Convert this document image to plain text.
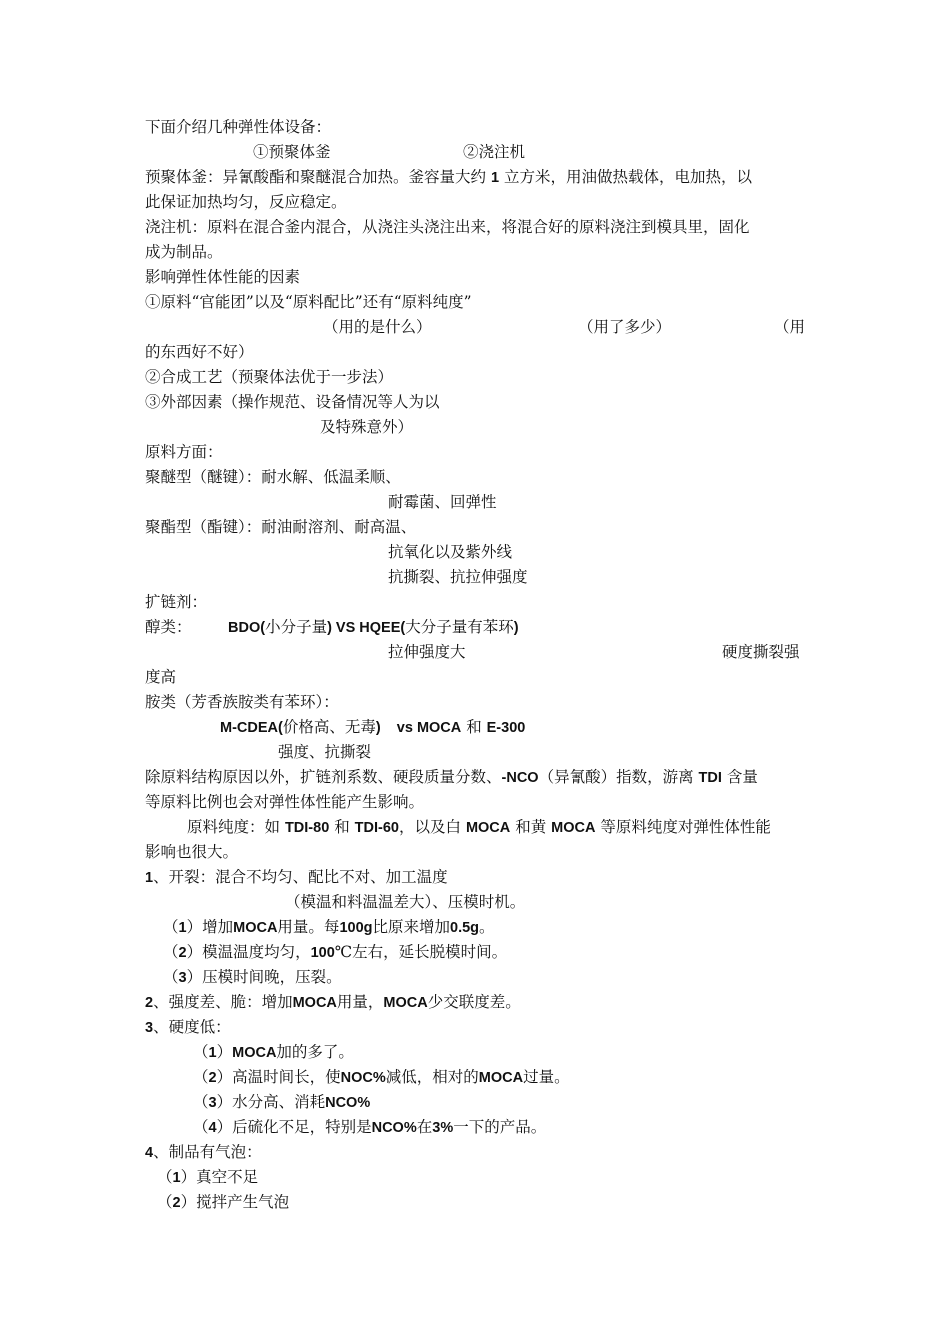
下面介绍几种弹性体设备：
①预聚体釜	②浇注机
预聚体釜：异氰酸酯和聚醚混合加热。釜容量大约 1 立方米，用油做热载体，电加热，以
此保证加热均匀，反应稳定。
浇注机：原料在混合釜内混合，从浇注头浇注出来，将混合好的原料浇注到模具里，固化
成为制品。
影响弹性体性能的因素
①原料“官能团”以及“原料配比”还有“原料纯度”
（用的是什么）	（用了多少）	（用
的东西好不好）
②合成工艺（预聚体法优于一步法）
③外部因素（操作规范、设备情况等人为以
及特殊意外）
原料方面：
聚醚型（醚键）：耐水解、低温柔顺、
耐霉菌、回弹性
聚酯型（酯键）：耐油耐溶剂、耐高温、
抗氧化以及紫外线
抗撕裂、抗拉伸强度
扩链剂：
醇类：	BDO(小分子量) VS HQEE(大分子量有苯环)
拉伸强度大	硬度撕裂强
度高
胺类（芳香族胺类有苯环）：
M-CDEA(价格高、无毒)    vs MOCA 和 E-300
强度、抗撕裂
除原料结构原因以外，扩链剂系数、硬段质量分数、-NCO（异氰酸）指数，游离 TDI 含量
等原料比例也会对弹性体性能产生影响。
原料纯度：如 TDI-80 和 TDI-60，以及白 MOCA 和黄 MOCA 等原料纯度对弹性体性能
影响也很大。
1、开裂：混合不均匀、配比不对、加工温度
（模温和料温温差大）、压模时机。
（1）增加MOCA用量。每100g比原来增加0.5g。
（2）模温温度均匀，100℃左右，延长脱模时间。
（3）压模时间晚，压裂。
2、强度差、脆：增加MOCA用量，MOCA少交联度差。
3、硬度低：
（1）MOCA加的多了。
（2）高温时间长，使NOC%减低，相对的MOCA过量。
（3）水分高、消耗NCO%
（4）后硫化不足，特别是NCO%在3%一下的产品。
4、制品有气泡：
（1）真空不足
（2）搅拌产生气泡
